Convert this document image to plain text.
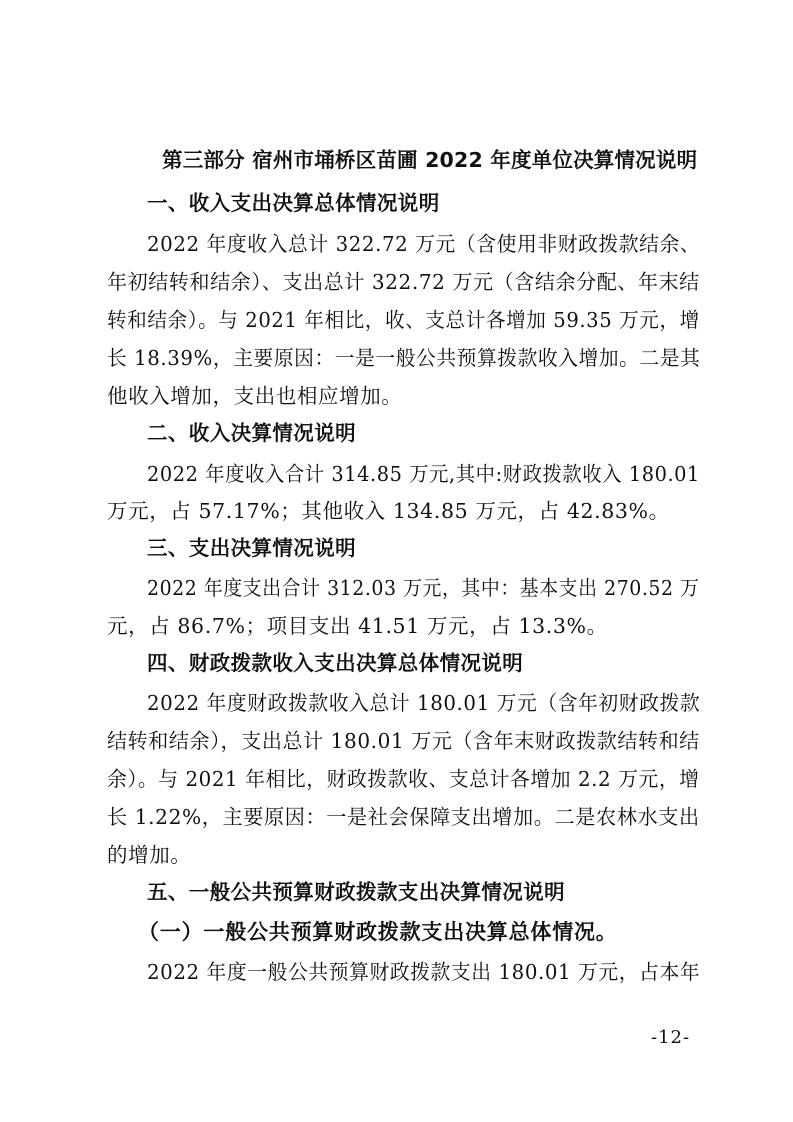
第三部分 宿州市埇桥区苗圃 2022 年度单位决算情况说明
一、收入支出决算总体情况说明
2022 年度收入总计 322.72 万元（含使用非财政拨款结余、
年初结转和结余）、支出总计 322.72 万元（含结余分配、年末结
转和结余）。与 2021 年相比，收、支总计各增加 59.35 万元，增
长 18.39%，主要原因：一是一般公共预算拨款收入增加。二是其
他收入增加，支出也相应增加。
二、收入决算情况说明
2022 年度收入合计 314.85 万元,其中:财政拨款收入 180.01
万元，占 57.17%；其他收入 134.85 万元，占 42.83%。
三、支出决算情况说明
2022 年度支出合计 312.03 万元，其中：基本支出 270.52 万
元，占 86.7%；项目支出 41.51 万元，占 13.3%。
四、财政拨款收入支出决算总体情况说明
2022 年度财政拨款收入总计 180.01 万元（含年初财政拨款
结转和结余），支出总计 180.01 万元（含年末财政拨款结转和结
余）。与 2021 年相比，财政拨款收、支总计各增加 2.2 万元，增
长 1.22%，主要原因：一是社会保障支出增加。二是农林水支出
的增加。
五、一般公共预算财政拨款支出决算情况说明
（一）一般公共预算财政拨款支出决算总体情况。
2022 年度一般公共预算财政拨款支出 180.01 万元，占本年
-12-
